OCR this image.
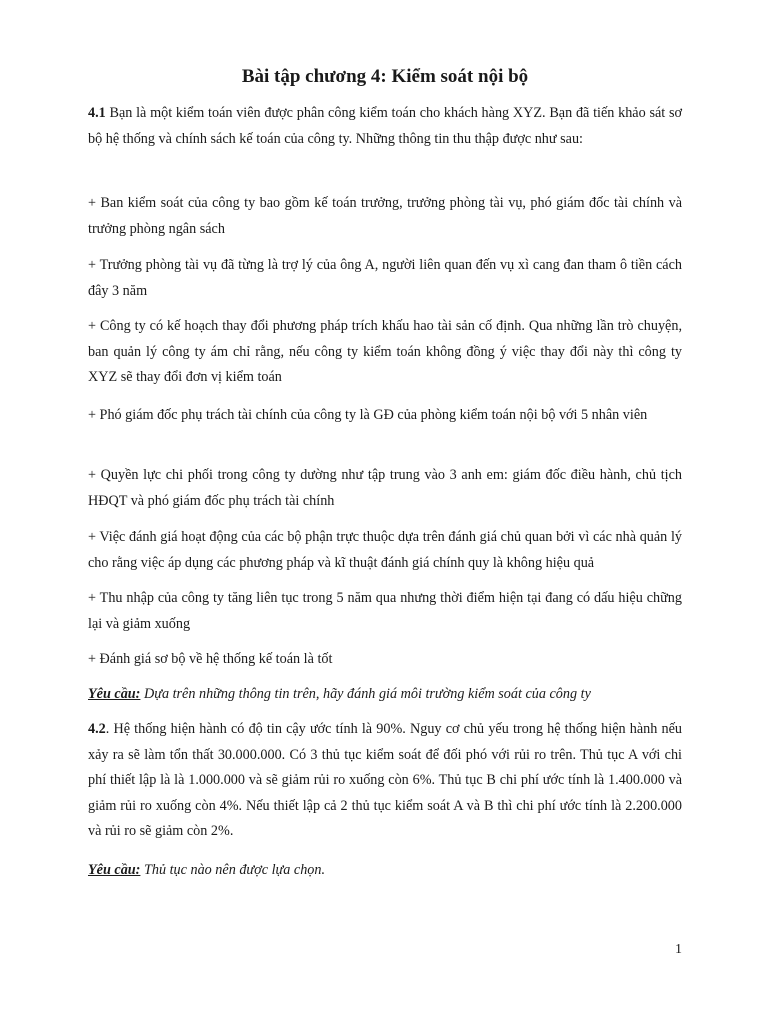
Bài tập chương 4: Kiểm soát nội bộ

4.1 Bạn là một kiểm toán viên được phân công kiểm toán cho khách hàng XYZ. Bạn đã tiến khảo sát sơ bộ hệ thống và chính sách kế toán của công ty. Những thông tin thu thập được như sau:

+ Ban kiểm soát của công ty bao gồm kế toán trưởng, trưởng phòng tài vụ, phó giám đốc tài chính và trưởng phòng ngân sách

+ Trưởng phòng tài vụ đã từng là trợ lý của ông A, người liên quan đến vụ xì cang đan tham ô tiền cách đây 3 năm

+ Công ty có kế hoạch thay đổi phương pháp trích khấu hao tài sản cố định. Qua những lần trò chuyện, ban quản lý công ty ám chỉ rằng, nếu công ty kiểm toán không đồng ý việc thay đổi này thì công ty XYZ sẽ thay đổi đơn vị kiểm toán

+ Phó giám đốc phụ trách tài chính của công ty là GĐ của phòng kiểm toán nội bộ với 5 nhân viên

+ Quyền lực chi phối trong công ty dường như tập trung vào 3 anh em: giám đốc điều hành, chủ tịch HĐQT và phó giám đốc phụ trách tài chính

+ Việc đánh giá hoạt động của các bộ phận trực thuộc dựa trên đánh giá chủ quan bởi vì các nhà quản lý cho rằng việc áp dụng các phương pháp và kĩ thuật đánh giá chính quy là không hiệu quả

+ Thu nhập của công ty tăng liên tục trong 5 năm qua nhưng thời điểm hiện tại đang có dấu hiệu chững lại và giảm xuống

+ Đánh giá sơ bộ về hệ thống kế toán là tốt

Yêu cầu: Dựa trên những thông tin trên, hãy đánh giá môi trường kiểm soát của công ty

4.2. Hệ thống hiện hành có độ tin cậy ước tính là 90%. Nguy cơ chủ yếu trong hệ thống hiện hành nếu xảy ra sẽ làm tổn thất 30.000.000. Có 3 thủ tục kiểm soát để đối phó với rủi ro trên. Thủ tục A với chi phí thiết lập là là 1.000.000 và sẽ giảm rủi ro xuống còn 6%. Thủ tục B chi phí ước tính là 1.400.000 và giảm rủi ro xuống còn 4%. Nếu thiết lập cả 2 thủ tục kiểm soát A và B thì chi phí ước tính là 2.200.000 và rủi ro sẽ giảm còn 2%.

Yêu cầu: Thủ tục nào nên được lựa chọn.

1
